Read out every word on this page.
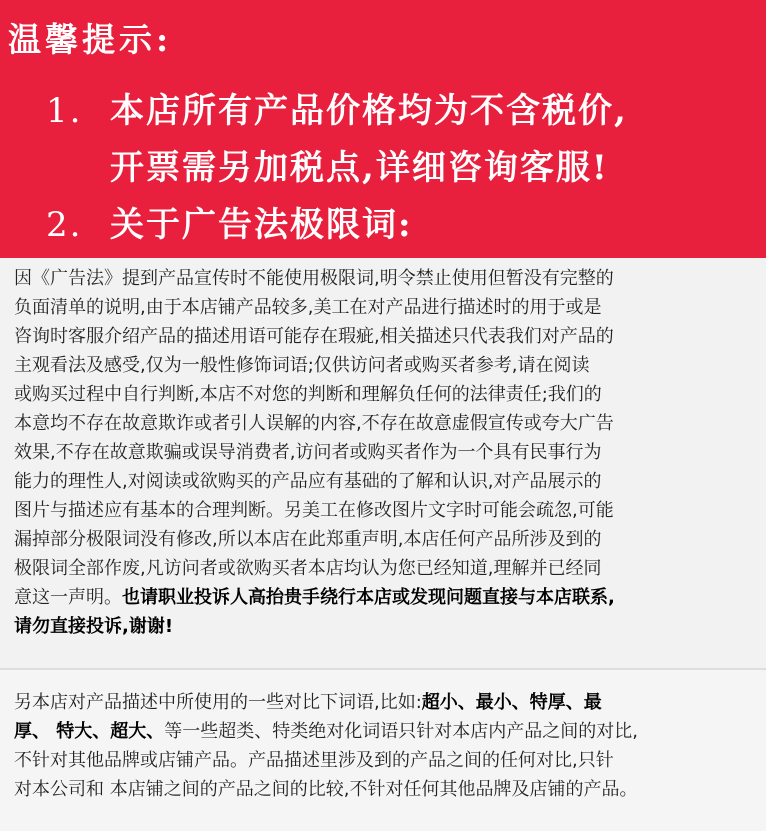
温馨提示:
1. 本店所有产品价格均为不含税价,
开票需另加税点,详细咨询客服!
2. 关于广告法极限词:
因《广告法》提到产品宣传时不能使用极限词,明令禁止使用但暂没有完整的
负面清单的说明,由于本店铺产品较多,美工在对产品进行描述时的用于或是
咨询时客服介绍产品的描述用语可能存在瑕疵,相关描述只代表我们对产品的
主观看法及感受,仅为一般性修饰词语;仅供访问者或购买者参考,请在阅读
或购买过程中自行判断,本店不对您的判断和理解负任何的法律责任;我们的
本意均不存在故意欺诈或者引人误解的内容,不存在故意虚假宣传或夸大广告
效果,不存在故意欺骗或误导消费者,访问者或购买者作为一个具有民事行为
能力的理性人,对阅读或欲购买的产品应有基础的了解和认识,对产品展示的
图片与描述应有基本的合理判断。另美工在修改图片文字时可能会疏忽,可能
漏掉部分极限词没有修改,所以本店在此郑重声明,本店任何产品所涉及到的
极限词全部作废,凡访问者或欲购买者本店均认为您已经知道,理解并已经同
意这一声明。也请职业投诉人高抬贵手绕行本店或发现问题直接与本店联系,
请勿直接投诉,谢谢!
另本店对产品描述中所使用的一些对比下词语,比如:超小、最小、特厚、最
厚、 特大、超大、等一些超类、特类绝对化词语只针对本店内产品之间的对比,
不针对其他品牌或店铺产品。产品描述里涉及到的产品之间的任何对比,只针
对本公司和 本店铺之间的产品之间的比较,不针对任何其他品牌及店铺的产品。
